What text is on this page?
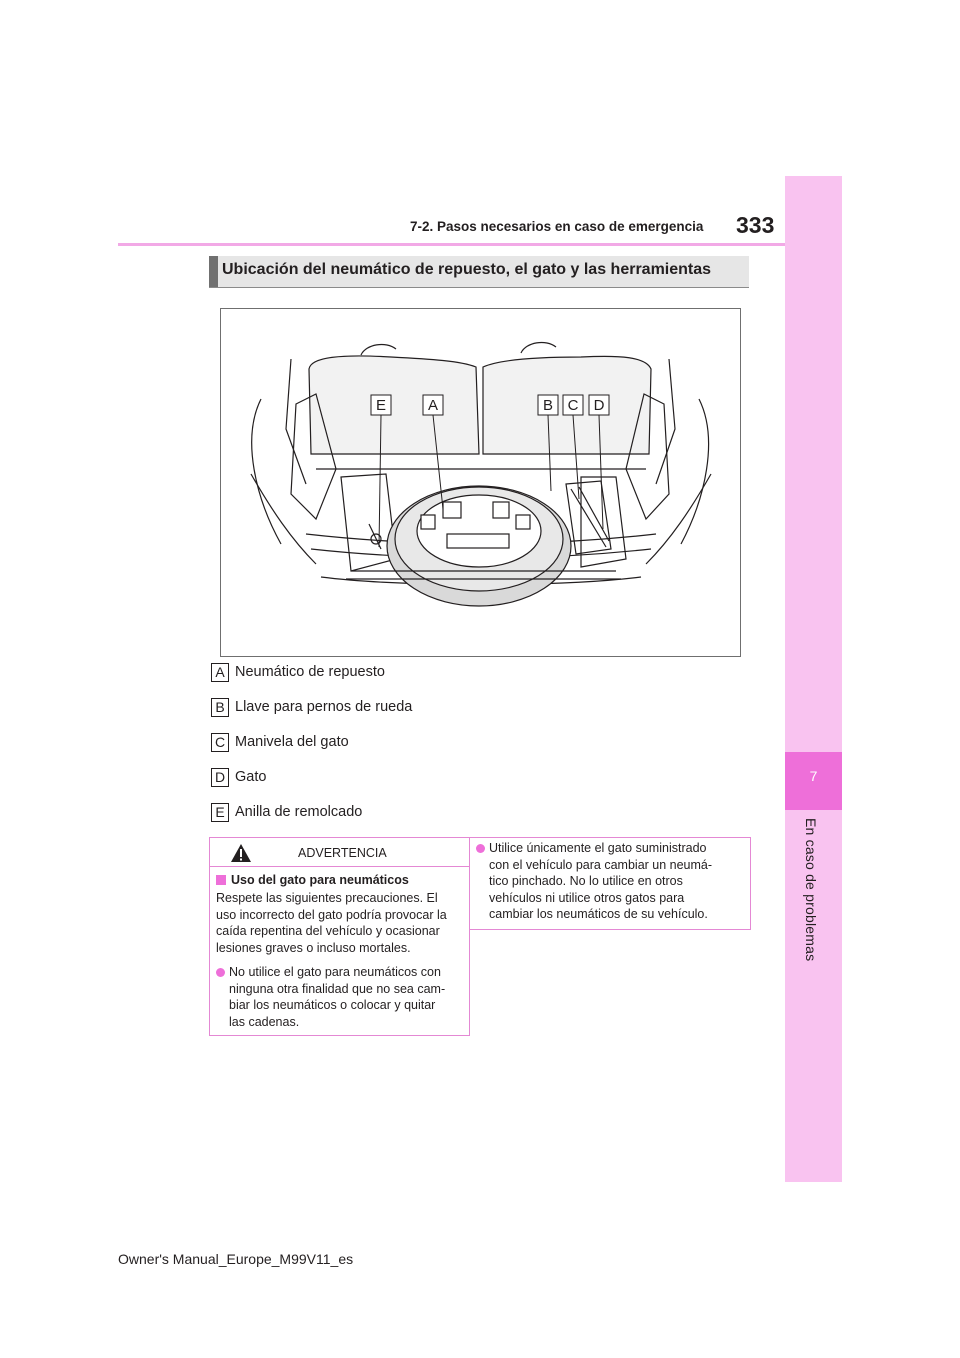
7
En caso de problemas
7-2. Pasos necesarios en caso de emergencia 333
Ubicación del neumático de repuesto, el gato y las herramientas
E	A	B C D
A Neumático de repuesto
B Llave para pernos de rueda
C Manivela del gato
D Gato
E Anilla de remolcado
ADVERTENCIA
Uso del gato para neumáticos
Respete las siguientes precauciones. El
uso incorrecto del gato podría provocar la
caída repentina del vehículo y ocasionar
lesiones graves o incluso mortales.
No utilice el gato para neumáticos con
ninguna otra finalidad que no sea cam-
biar los neumáticos o colocar y quitar
las cadenas.
Utilice únicamente el gato suministrado
con el vehículo para cambiar un neumá-
tico pinchado. No lo utilice en otros
vehículos ni utilice otros gatos para
cambiar los neumáticos de su vehículo.
Owner's Manual_Europe_M99V11_es
